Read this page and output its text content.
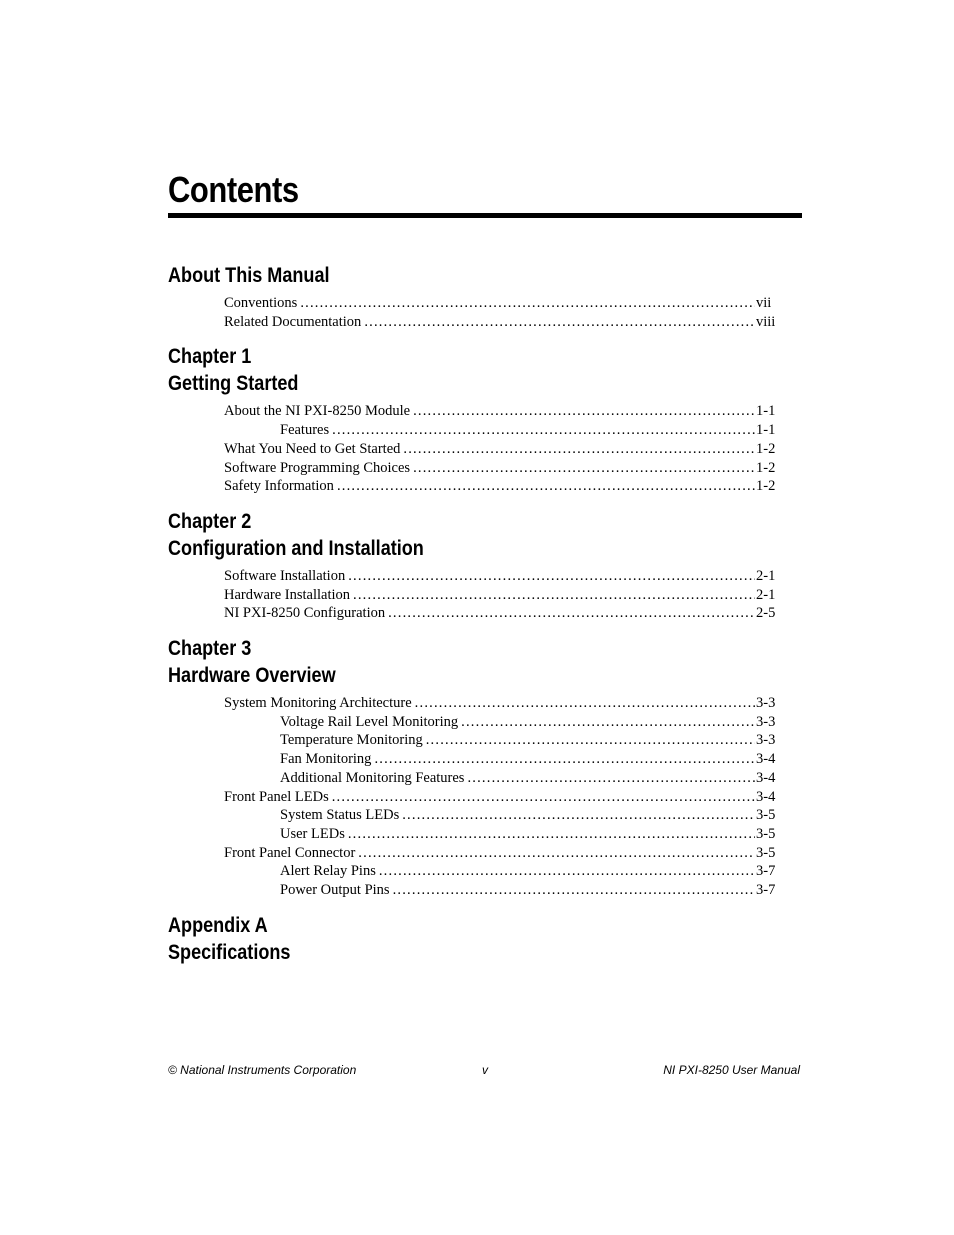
Contents
About This Manual
Conventions .....	vii
Related Documentation .....	viii
Chapter 1
Getting Started
About the NI PXI-8250 Module .....	1-1
Features .....	1-1
What You Need to Get Started .....	1-2
Software Programming Choices .....	1-2
Safety Information .....	1-2
Chapter 2
Configuration and Installation
Software Installation .....	2-1
Hardware Installation .....	2-1
NI PXI-8250 Configuration .....	2-5
Chapter 3
Hardware Overview
System Monitoring Architecture .....	3-3
Voltage Rail Level Monitoring .....	3-3
Temperature Monitoring .....	3-3
Fan Monitoring .....	3-4
Additional Monitoring Features .....	3-4
Front Panel LEDs .....	3-4
System Status LEDs .....	3-5
User LEDs .....	3-5
Front Panel Connector .....	3-5
Alert Relay Pins .....	3-7
Power Output Pins .....	3-7
Appendix A
Specifications
© National Instruments Corporation	v	NI PXI-8250 User Manual
